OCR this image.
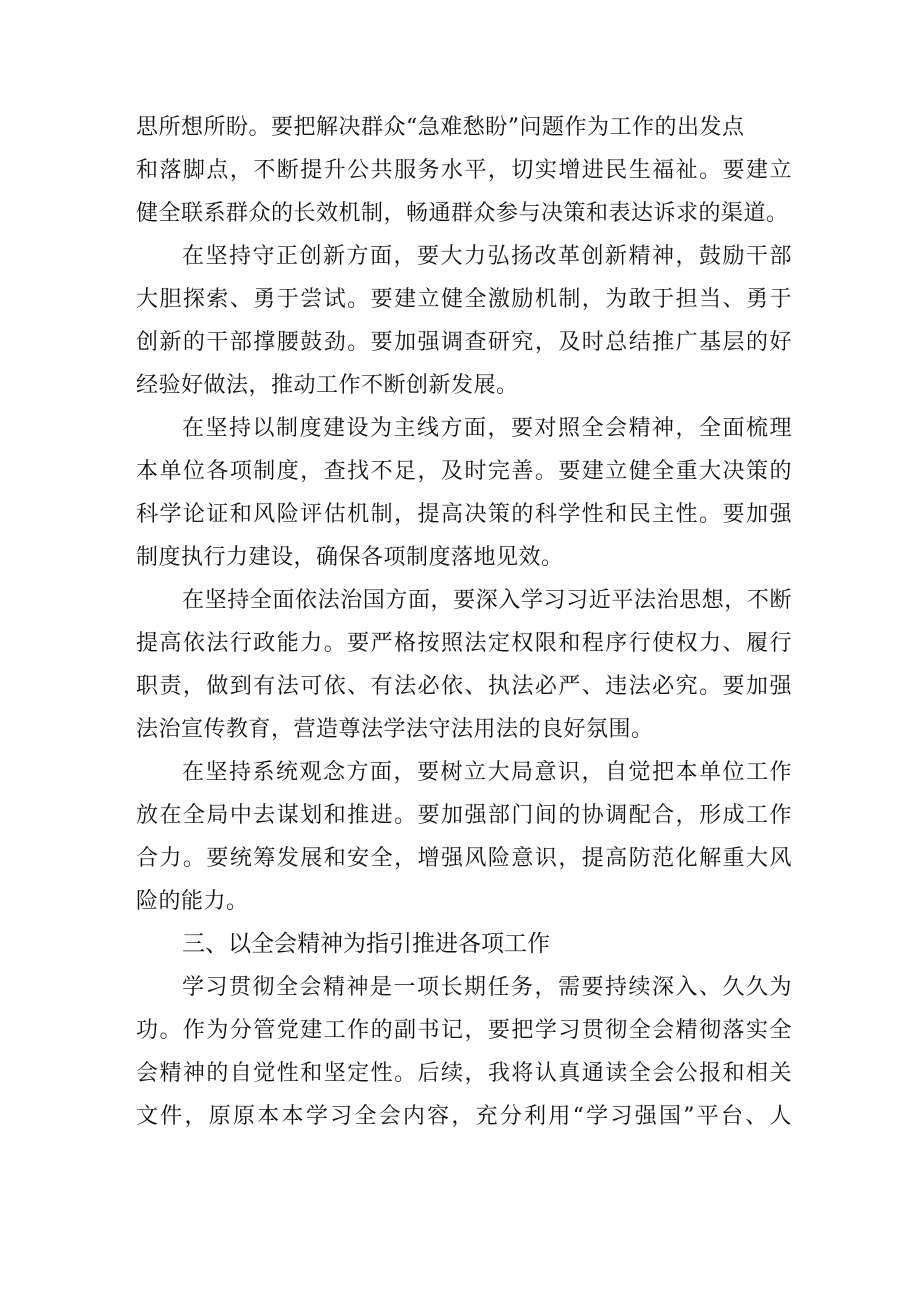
思所想所盼。要把解决群众“急难愁盼”问题作为工作的出发点
和落脚点，不断提升公共服务水平，切实增进民生福祉。要建立
健全联系群众的长效机制，畅通群众参与决策和表达诉求的渠道。
在坚持守正创新方面，要大力弘扬改革创新精神，鼓励干部
大胆探索、勇于尝试。要建立健全激励机制，为敢于担当、勇于
创新的干部撑腰鼓劲。要加强调查研究，及时总结推广基层的好
经验好做法，推动工作不断创新发展。
在坚持以制度建设为主线方面，要对照全会精神，全面梳理
本单位各项制度，查找不足，及时完善。要建立健全重大决策的
科学论证和风险评估机制，提高决策的科学性和民主性。要加强
制度执行力建设，确保各项制度落地见效。
在坚持全面依法治国方面，要深入学习习近平法治思想，不断
提高依法行政能力。要严格按照法定权限和程序行使权力、履行
职责，做到有法可依、有法必依、执法必严、违法必究。要加强
法治宣传教育，营造尊法学法守法用法的良好氛围。
在坚持系统观念方面，要树立大局意识，自觉把本单位工作
放在全局中去谋划和推进。要加强部门间的协调配合，形成工作
合力。要统筹发展和安全，增强风险意识，提高防范化解重大风
险的能力。
三、以全会精神为指引推进各项工作
学习贯彻全会精神是一项长期任务，需要持续深入、久久为
功。作为分管党建工作的副书记，要把学习贯彻全会精彻落实全
会精神的自觉性和坚定性。后续，我将认真通读全会公报和相关
文件，原原本本学习全会内容，充分利用“学习强国”平台、人
